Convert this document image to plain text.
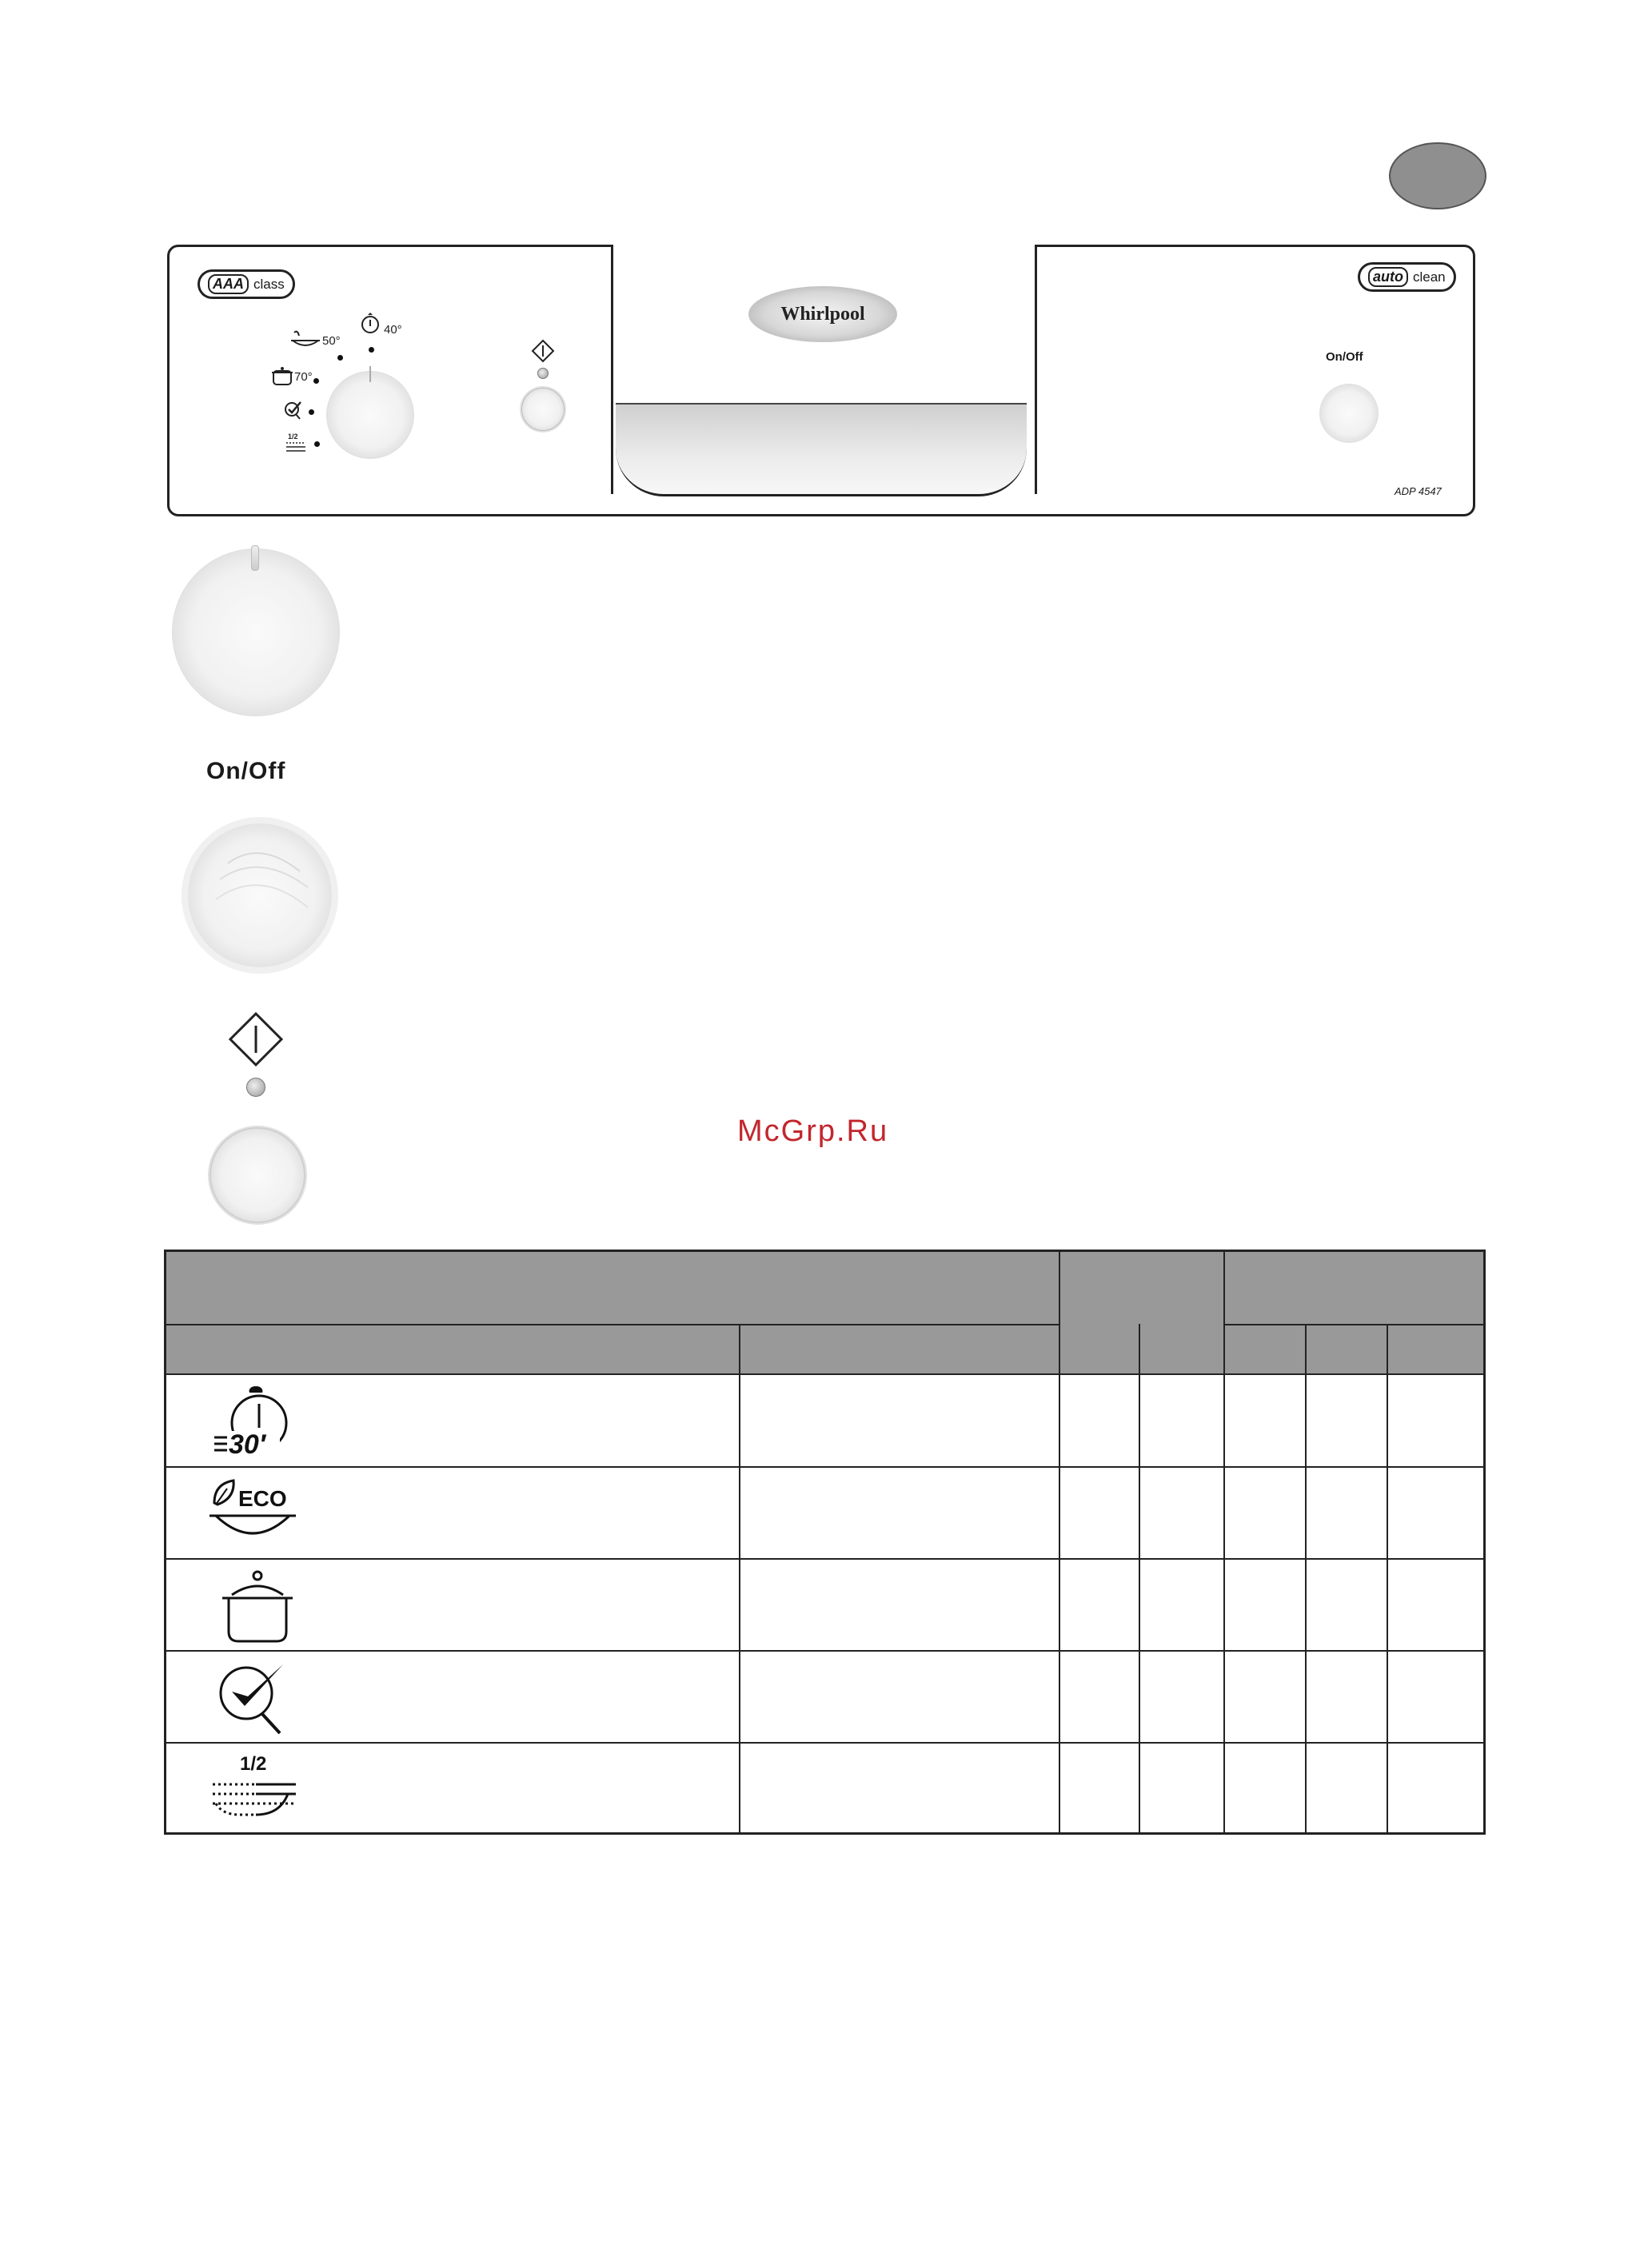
AAA class	auto clean
Whirlpool
50°
40°
70°
1/2
On/Off
ADP 4547
On/Off
McGrp.Ru
30′
ECO
1/2
